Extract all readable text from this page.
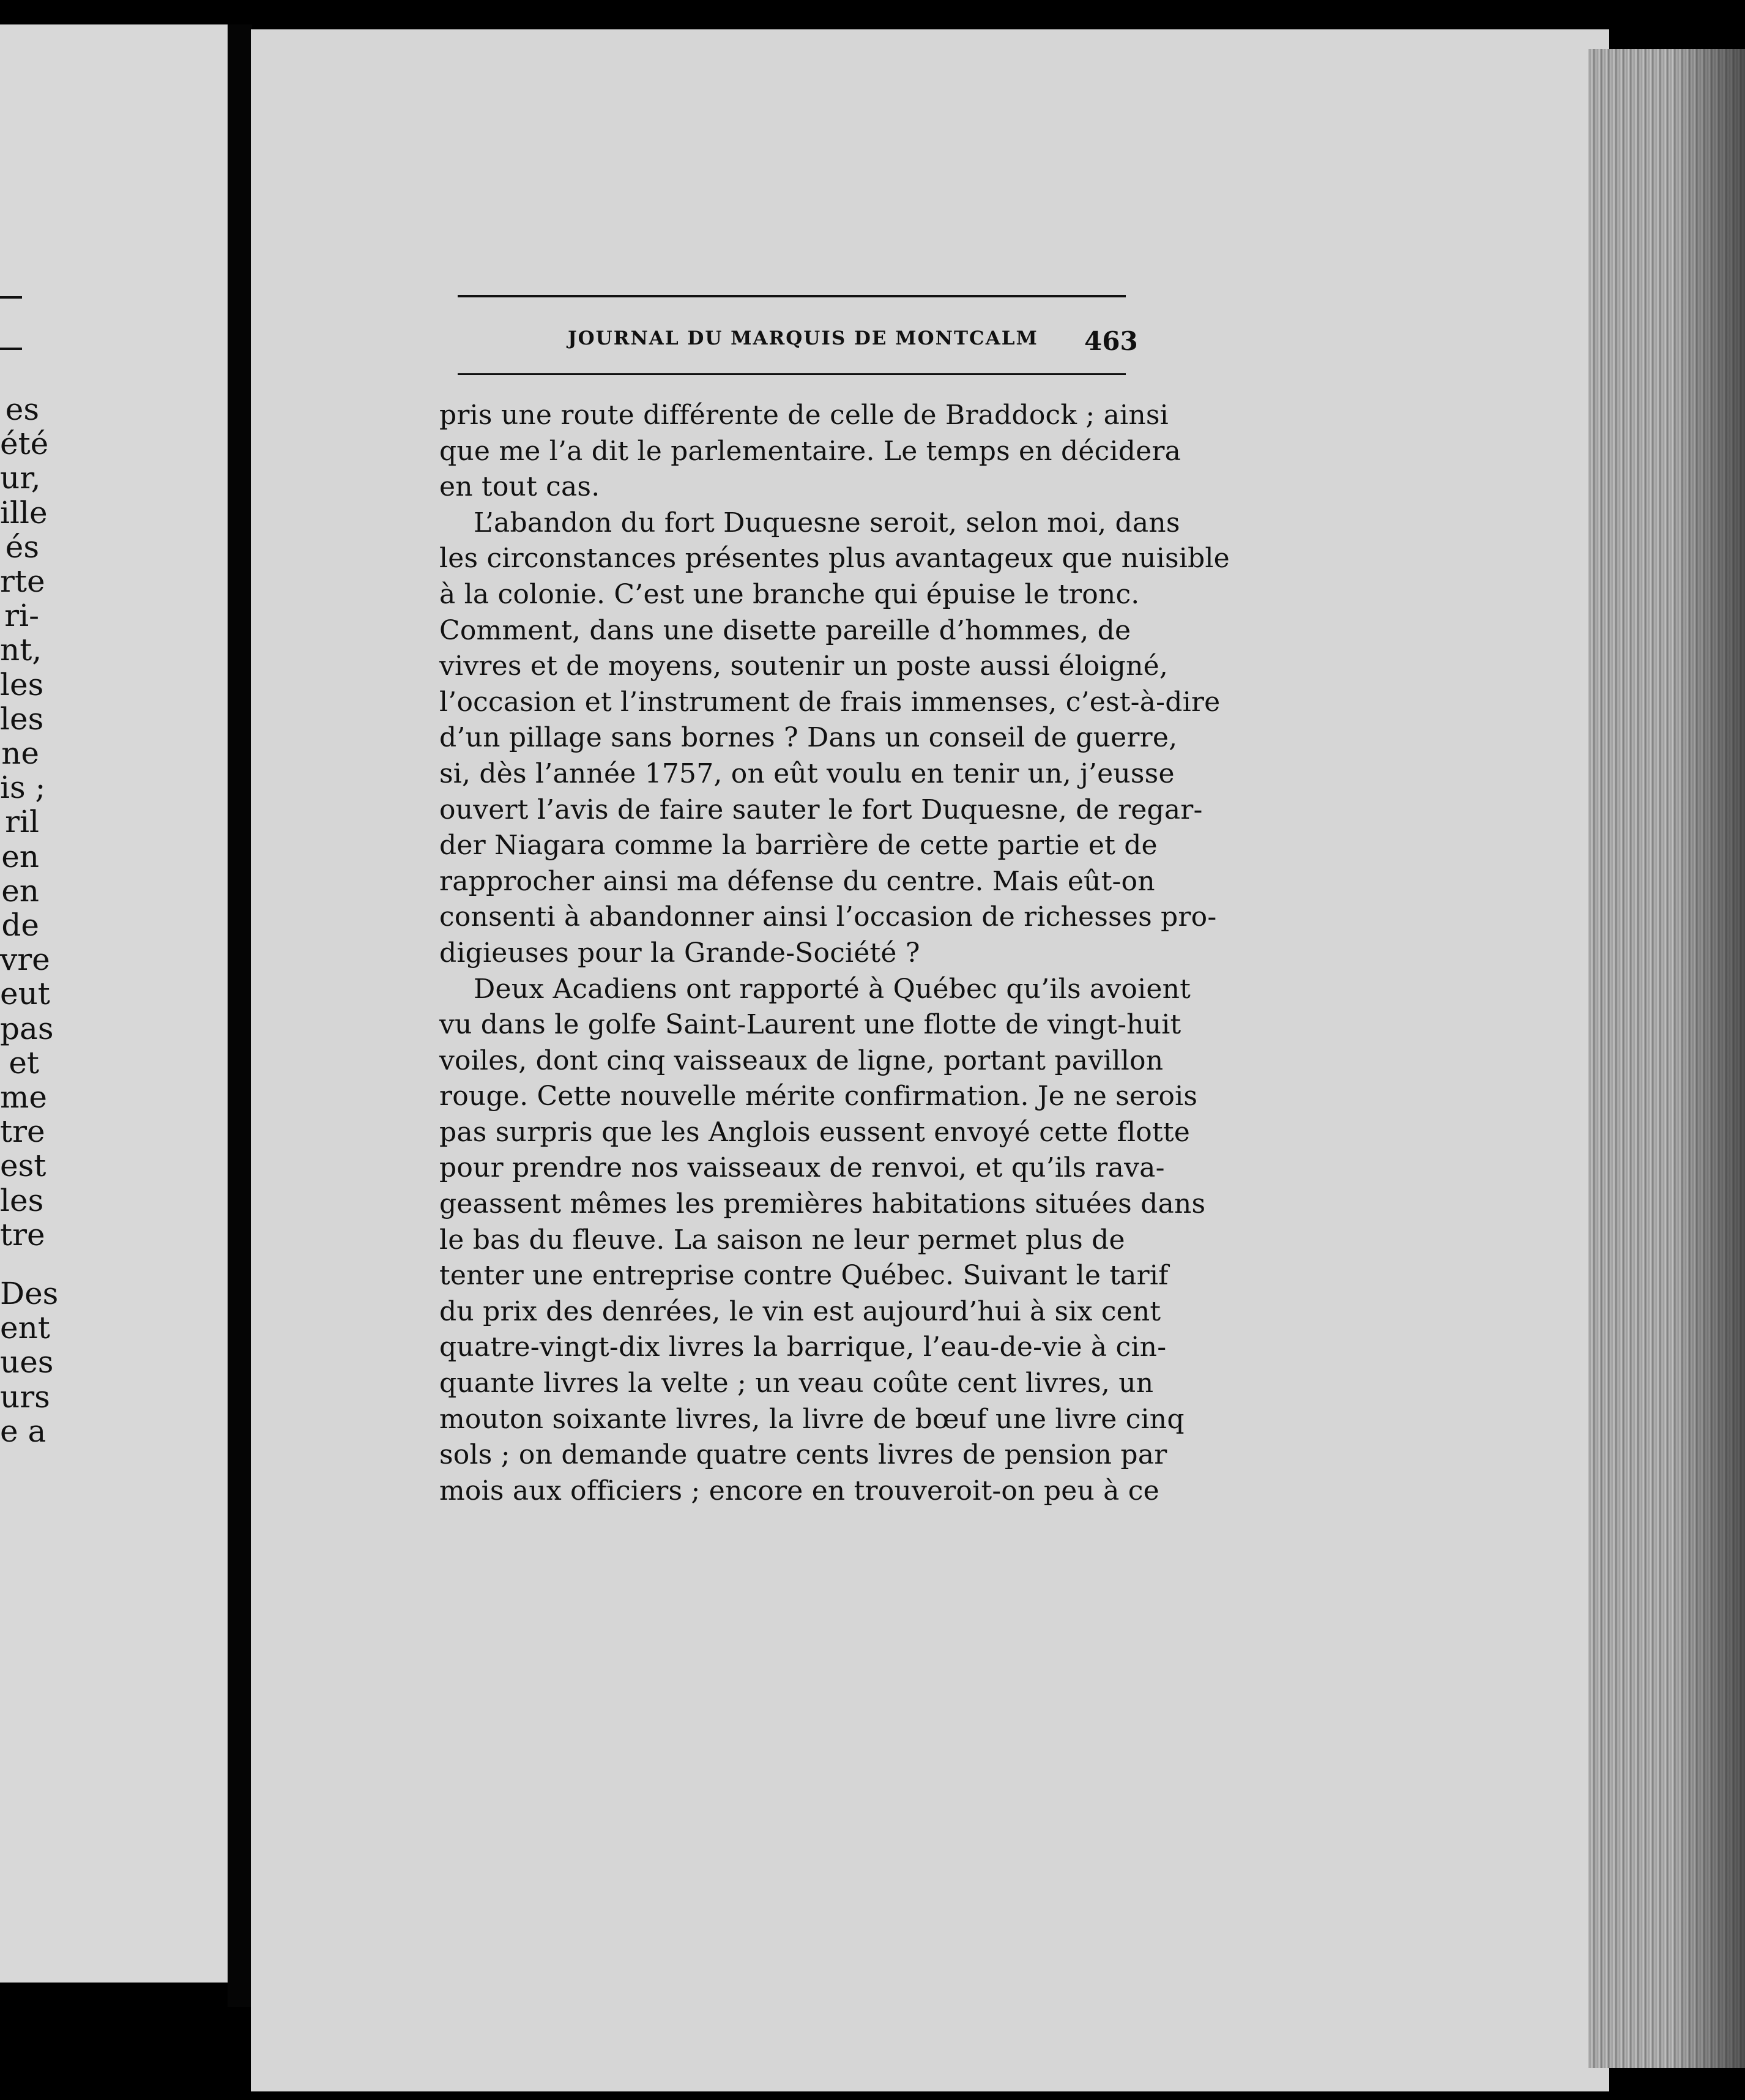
es
été
ur,
ille
és
rte
ri-
nt,
les
les
ne
is ;
ril
en
en
de
vre
eut
pas
et
me
tre
est
les
tre
Des
ent
ues
urs
e a
JOURNAL DU MARQUIS DE MONTCALM 463
pris une route différente de celle de Braddock ; ainsi
que me l’a dit le parlementaire. Le temps en décidera
en tout cas.
L’abandon du fort Duquesne seroit, selon moi, dans
les circonstances présentes plus avantageux que nuisible
à la colonie. C’est une branche qui épuise le tronc.
Comment, dans une disette pareille d’hommes, de
vivres et de moyens, soutenir un poste aussi éloigné,
l’occasion et l’instrument de frais immenses, c’est-à-dire
d’un pillage sans bornes ? Dans un conseil de guerre,
si, dès l’année 1757, on eût voulu en tenir un, j’eusse
ouvert l’avis de faire sauter le fort Duquesne, de regar-
der Niagara comme la barrière de cette partie et de
rapprocher ainsi ma défense du centre. Mais eût-on
consenti à abandonner ainsi l’occasion de richesses pro-
digieuses pour la Grande-Société ?
Deux Acadiens ont rapporté à Québec qu’ils avoient
vu dans le golfe Saint-Laurent une flotte de vingt-huit
voiles, dont cinq vaisseaux de ligne, portant pavillon
rouge. Cette nouvelle mérite confirmation. Je ne serois
pas surpris que les Anglois eussent envoyé cette flotte
pour prendre nos vaisseaux de renvoi, et qu’ils rava-
geassent mêmes les premières habitations situées dans
le bas du fleuve. La saison ne leur permet plus de
tenter une entreprise contre Québec. Suivant le tarif
du prix des denrées, le vin est aujourd’hui à six cent
quatre-vingt-dix livres la barrique, l’eau-de-vie à cin-
quante livres la velte ; un veau coûte cent livres, un
mouton soixante livres, la livre de bœuf une livre cinq
sols ; on demande quatre cents livres de pension par
mois aux officiers ; encore en trouveroit-on peu à ce
